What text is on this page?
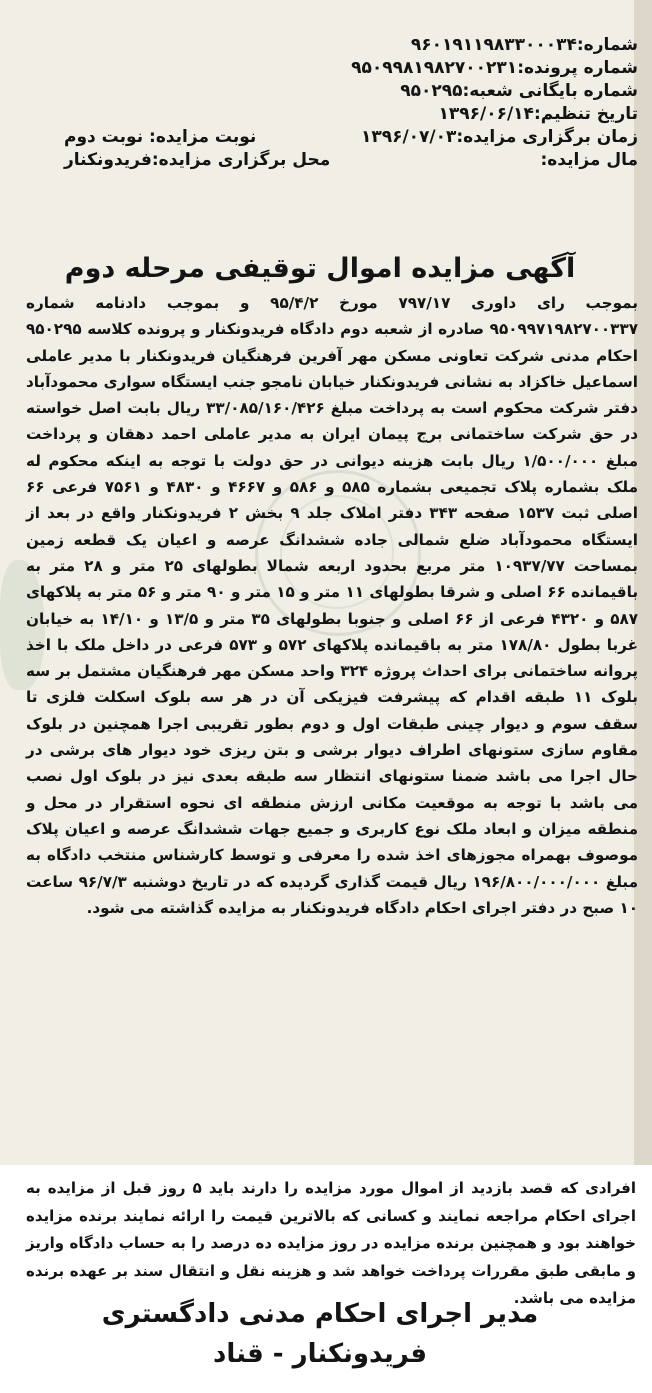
شماره:۹۶۰۱۹۱۱۹۸۳۳۰۰۰۳۴
شماره پرونده:۹۵۰۹۹۸۱۹۸۲۷۰۰۲۳۱
شماره بایگانی شعبه:۹۵۰۲۹۵
تاریخ تنظیم:۱۳۹۶/۰۶/۱۴
زمان برگزاری مزایده:۱۳۹۶/۰۷/۰۳
نوبت مزایده: نوبت دوم
مال مزایده:
محل برگزاری مزایده:فریدونکنار
آگهی مزایده اموال توقیفی مرحله دوم
بموجب رای داوری ۷۹۷/۱۷ مورخ ۹۵/۴/۲ و بموجب دادنامه شماره ۹۵۰۹۹۷۱۹۸۲۷۰۰۳۳۷ صادره از شعبه دوم دادگاه فریدونکنار و پرونده کلاسه ۹۵۰۲۹۵ احکام مدنی شرکت تعاونی مسکن مهر آفرین فرهنگیان فریدونکنار با مدیر عاملی اسماعیل خاکزاد به نشانی فریدونکنار خیابان نامجو جنب ایستگاه سواری محمودآباد دفتر شرکت محکوم است به پرداخت مبلغ ۳۳/۰۸۵/۱۶۰/۴۲۶ ریال بابت اصل خواسته در حق شرکت ساختمانی برج پیمان ایران به مدیر عاملی احمد دهقان و پرداخت مبلغ ۱/۵۰۰/۰۰۰ ریال بابت هزینه دیوانی در حق دولت با توجه به اینکه محکوم له ملک بشماره پلاک تجمیعی بشماره ۵۸۵ و ۵۸۶ و ۴۶۶۷ و ۴۸۳۰ و ۷۵۶۱ فرعی ۶۶ اصلی ثبت ۱۵۳۷ صفحه ۳۴۳ دفتر املاک جلد ۹ بخش ۲ فریدونکنار واقع در بعد از ایستگاه محمودآباد ضلع شمالی جاده ششدانگ عرصه و اعیان یک قطعه زمین بمساحت ۱۰۹۳۷/۷۷ متر مربع بحدود اربعه شمالا بطولهای ۲۵ متر و ۲۸ متر به باقیمانده ۶۶ اصلی و شرقا بطولهای ۱۱ متر و ۱۵ متر و ۹۰ متر و ۵۶ متر به پلاکهای ۵۸۷ و ۴۳۲۰ فرعی از ۶۶ اصلی و جنوبا بطولهای ۳۵ متر و ۱۳/۵ و ۱۴/۱۰ به خیابان غربا بطول ۱۷۸/۸۰ متر به باقیمانده پلاکهای ۵۷۲ و ۵۷۳ فرعی در داخل ملک با اخذ پروانه ساختمانی برای احداث پروژه ۳۲۴ واحد مسکن مهر فرهنگیان مشتمل بر سه بلوک ۱۱ طبقه اقدام که پیشرفت فیزیکی آن در هر سه بلوک اسکلت فلزی تا سقف سوم و دیوار چینی طبقات اول و دوم بطور تقریبی اجرا همچنین در بلوک مقاوم سازی ستونهای اطراف دیوار برشی و بتن ریزی خود دیوار های برشی در حال اجرا می باشد ضمنا ستونهای انتظار سه طبقه بعدی نیز در بلوک اول نصب می باشد با توجه به موقعیت مکانی ارزش منطقه ای نحوه استقرار در محل و منطقه میزان و ابعاد ملک نوع کاربری و جمیع جهات ششدانگ عرصه و اعیان پلاک موصوف بهمراه مجوزهای اخذ شده را معرفی و توسط کارشناس منتخب دادگاه به مبلغ ۱۹۶/۸۰۰/۰۰۰/۰۰۰ ریال قیمت گذاری گردیده که در تاریخ دوشنبه ۹۶/۷/۳ ساعت ۱۰ صبح در دفتر اجرای احکام دادگاه فریدونکنار به مزایده گذاشته می شود.
افرادی که قصد بازدید از اموال مورد مزایده را دارند باید ۵ روز قبل از مزایده به اجرای احکام مراجعه نمایند و کسانی که بالاترین قیمت را ارائه نمایند برنده مزایده خواهند بود و همچنین برنده مزایده در روز مزایده ده درصد را به حساب دادگاه واریز و مابقی طبق مقررات پرداخت خواهد شد و هزینه نقل و انتقال سند بر عهده برنده مزایده می باشد.
مدیر اجرای احکام مدنی دادگستری
فریدونکنار - قناد
